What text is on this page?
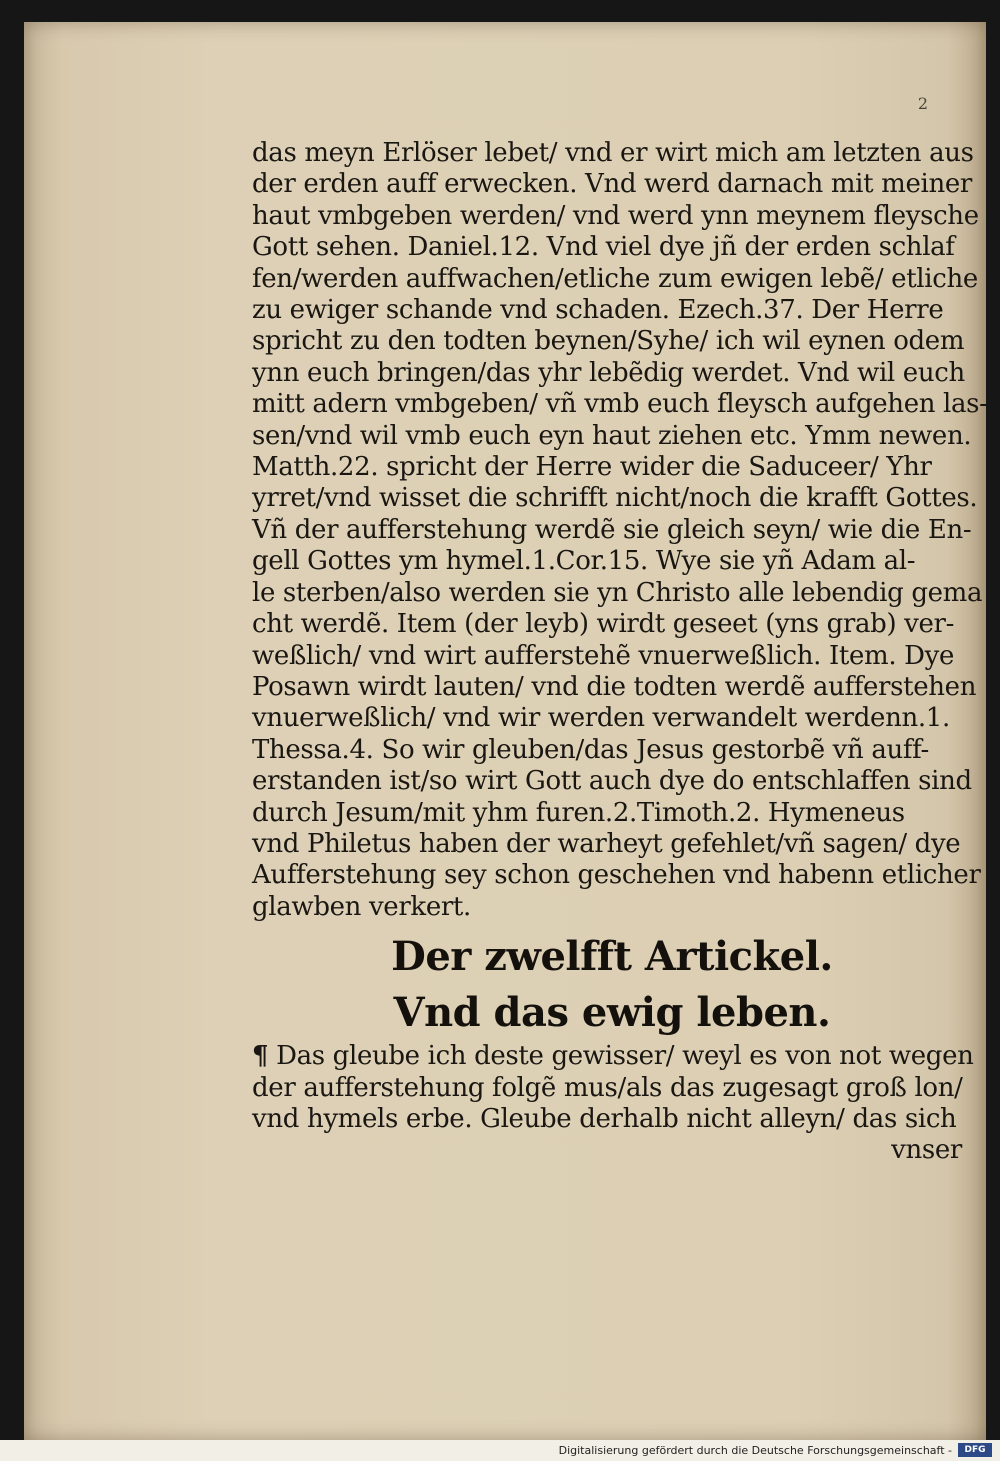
2
das meyn Erlöser lebet/ vnd er wirt mich am letzten aus
der erden auff erwecken. Vnd werd darnach mit meiner
haut vmbgeben werden/ vnd werd ynn meynem fleysche
Gott sehen. Daniel.12. Vnd viel dye jñ der erden schlaf
fen/werden auffwachen/etliche zum ewigen lebẽ/ etliche
zu ewiger schande vnd schaden. Ezech.37. Der Herre
spricht zu den todten beynen/Syhe/ ich wil eynen odem
ynn euch bringen/das yhr lebẽdig werdet. Vnd wil euch
mitt adern vmbgeben/ vñ vmb euch fleysch aufgehen las-
sen/vnd wil vmb euch eyn haut ziehen etc. Ymm newen.
Matth.22. spricht der Herre wider die Saduceer/ Yhr
yrret/vnd wisset die schrifft nicht/noch die krafft Gottes.
Vñ der aufferstehung werdẽ sie gleich seyn/ wie die En-
gell Gottes ym hymel.1.Cor.15. Wye sie yñ Adam al-
le sterben/also werden sie yn Christo alle lebendig gema
cht werdẽ. Item (der leyb) wirdt geseet (yns grab) ver-
weßlich/ vnd wirt aufferstehẽ vnuerweßlich. Item. Dye
Posawn wirdt lauten/ vnd die todten werdẽ aufferstehen
vnuerweßlich/ vnd wir werden verwandelt werdenn.1.
Thessa.4. So wir gleuben/das Jesus gestorbẽ vñ auff-
erstanden ist/so wirt Gott auch dye do entschlaffen sind
durch Jesum/mit yhm furen.2.Timoth.2. Hymeneus
vnd Philetus haben der warheyt gefehlet/vñ sagen/ dye
Aufferstehung sey schon geschehen vnd habenn etlicher
glawben verkert.
Der zwelfft Artickel.
Vnd das ewig leben.
¶ Das gleube ich deste gewisser/ weyl es von not wegen
der aufferstehung folgẽ mus/als das zugesagt groß lon/
vnd hymels erbe. Gleube derhalb nicht alleyn/ das sich
vnser
Digitalisierung gefördert durch die Deutsche Forschungsgemeinschaft -	DFG
